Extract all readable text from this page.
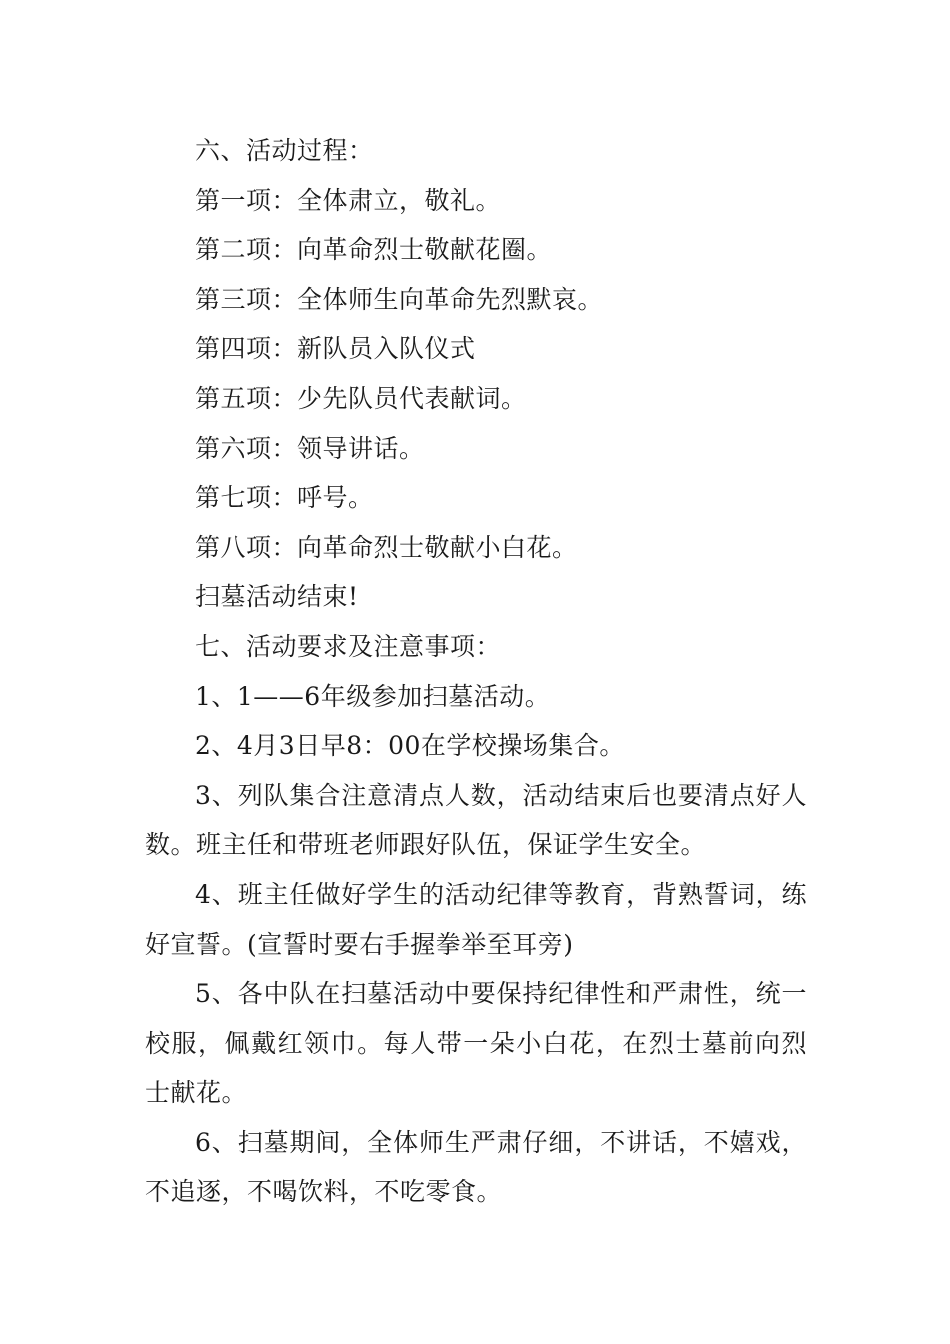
六、活动过程：

第一项：全体肃立，敬礼。

第二项：向革命烈士敬献花圈。

第三项：全体师生向革命先烈默哀。

第四项：新队员入队仪式

第五项：少先队员代表献词。

第六项：领导讲话。

第七项：呼号。

第八项：向革命烈士敬献小白花。

扫墓活动结束!

七、活动要求及注意事项：

1、1——6年级参加扫墓活动。

2、4月3日早8：00在学校操场集合。

3、列队集合注意清点人数，活动结束后也要清点好人数。班主任和带班老师跟好队伍，保证学生安全。

4、班主任做好学生的活动纪律等教育，背熟誓词，练好宣誓。(宣誓时要右手握拳举至耳旁)

5、各中队在扫墓活动中要保持纪律性和严肃性，统一校服，佩戴红领巾。每人带一朵小白花，在烈士墓前向烈士献花。

6、扫墓期间，全体师生严肃仔细，不讲话，不嬉戏，不追逐，不喝饮料，不吃零食。
